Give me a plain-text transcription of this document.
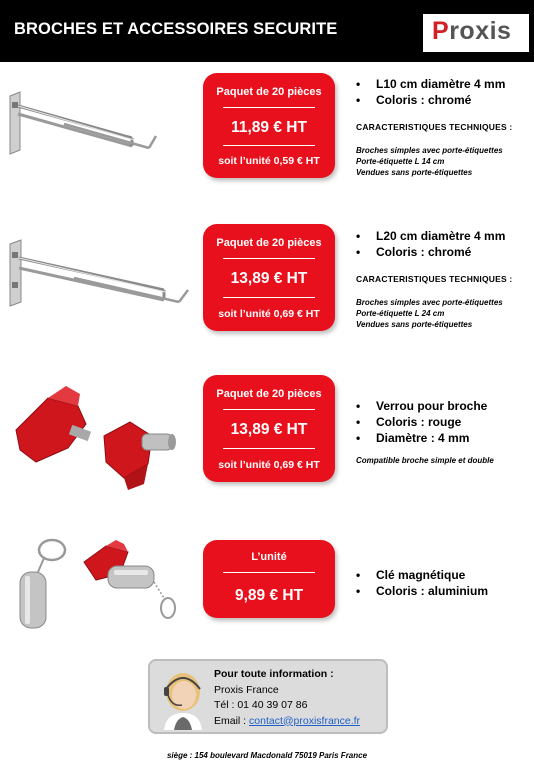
BROCHES ET ACCESSOIRES SECURITE	Proxis
Paquet de 20 pièces
11,89 € HT
soit l’unité 0,59 € HT
• L10 cm diamètre 4 mm
• Coloris : chromé
CARACTERISTIQUES TECHNIQUES :
Broches simples avec porte-étiquettes
Porte-étiquette L 14 cm
Vendues sans porte-étiquettes
Paquet de 20 pièces
13,89 € HT
soit l’unité 0,69 € HT
• L20 cm diamètre 4 mm
• Coloris : chromé
CARACTERISTIQUES TECHNIQUES :
Broches simples avec porte-étiquettes
Porte-étiquette L 24 cm
Vendues sans porte-étiquettes
Paquet de 20 pièces
13,89 € HT
soit l’unité 0,69 € HT
• Verrou pour broche
• Coloris : rouge
• Diamètre : 4 mm
Compatible broche simple et double
L’unité
9,89 € HT
• Clé magnétique
• Coloris : aluminium
Pour toute information :
Proxis France
Tél : 01 40 39 07 86
Email : contact@proxisfrance.fr
siège : 154 boulevard Macdonald 75019 Paris France
